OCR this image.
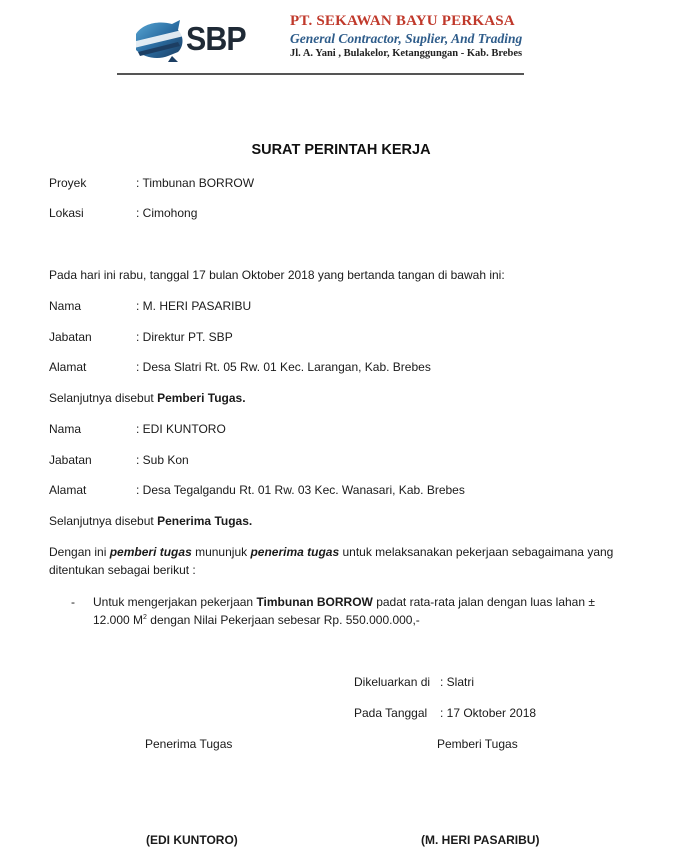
SBP	PT. SEKAWAN BAYU PERKASA
General Contractor, Suplier, And Trading
Jl. A. Yani , Bulakelor, Ketanggungan - Kab. Brebes
SURAT PERINTAH KERJA
Proyek	: Timbunan BORROW
Lokasi	: Cimohong
Pada hari ini rabu, tanggal 17 bulan Oktober 2018 yang bertanda tangan di bawah ini:
Nama	: M. HERI PASARIBU
Jabatan	: Direktur PT. SBP
Alamat	: Desa Slatri Rt. 05 Rw. 01 Kec. Larangan, Kab. Brebes
Selanjutnya disebut Pemberi Tugas.
Nama	: EDI KUNTORO
Jabatan	: Sub Kon
Alamat	: Desa Tegalgandu Rt. 01 Rw. 03 Kec. Wanasari, Kab. Brebes
Selanjutnya disebut Penerima Tugas.
Dengan ini pemberi tugas mununjuk penerima tugas untuk melaksanakan pekerjaan sebagaimana yang
ditentukan sebagai berikut :
- Untuk mengerjakan pekerjaan Timbunan BORROW padat rata-rata jalan dengan luas lahan ±
12.000 $M^2$ dengan Nilai Pekerjaan sebesar Rp. 550.000.000,-
Dikeluarkan di : Slatri
Pada Tanggal : 17 Oktober 2018
Penerima Tugas	Pemberi Tugas
(EDI KUNTORO)	(M. HERI PASARIBU)
